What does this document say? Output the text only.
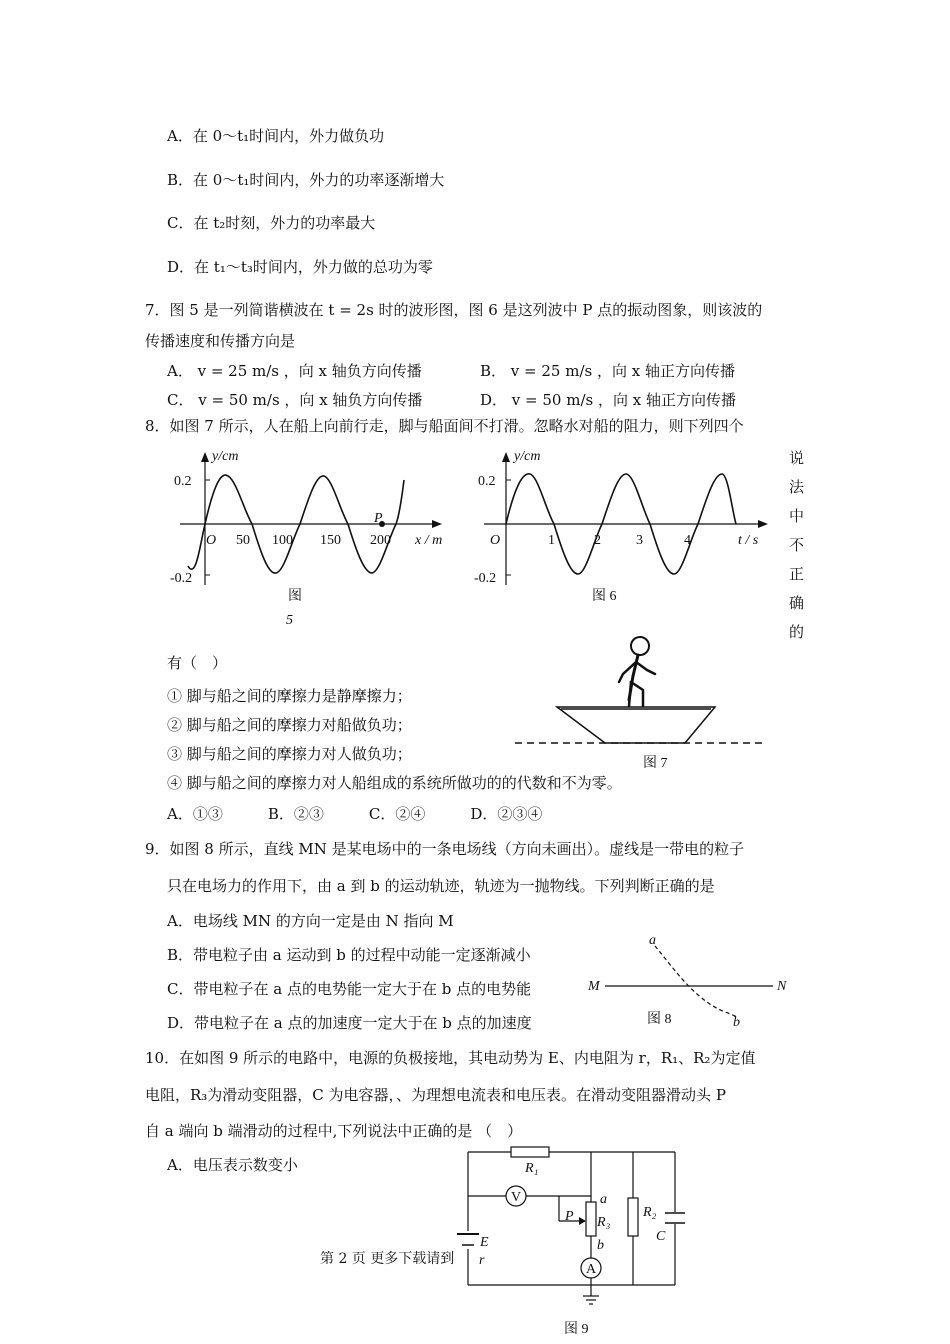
A．在 0～t₁时间内，外力做负功
B．在 0～t₁时间内，外力的功率逐渐增大
C．在 t₂时刻，外力的功率最大
D．在 t₁～t₃时间内，外力做的总功为零
7．图 5 是一列简谐横波在 t = 2s 时的波形图，图 6 是这列波中 P 点的振动图象，则该波的
传播速度和传播方向是
A． v = 25 m/s ，向 x 轴负方向传播	B． v = 25 m/s ，向 x 轴正方向传播
C． v = 50 m/s ，向 x 轴负方向传播	D． v = 50 m/s ，向 x 轴正方向传播
8．如图 7 所示，人在船上向前行走，脚与船面间不打滑。忽略水对船的阻力，则下列四个
说
法
中
不
正
确
的
y/cm
0.2
-0.2
O 50 100 150 200 x / m
P
图
5
y/cm
0.2
-0.2
O	1	2	3	4	t / s
图 6
有（　）
① 脚与船之间的摩擦力是静摩擦力；
② 脚与船之间的摩擦力对船做负功；
③ 脚与船之间的摩擦力对人做负功；
④ 脚与船之间的摩擦力对人船组成的系统所做功的的代数和不为零。
A．①③　　　B．②③　　　C．②④　　　D．②③④
图 7
9．如图 8 所示，直线 MN 是某电场中的一条电场线（方向未画出）。虚线是一带电的粒子
只在电场力的作用下，由 a 到 b 的运动轨迹，轨迹为一抛物线。下列判断正确的是
A．电场线 MN 的方向一定是由 N 指向 M
B．带电粒子由 a 运动到 b 的过程中动能一定逐渐减小
C．带电粒子在 a 点的电势能一定大于在 b 点的电势能
D．带电粒子在 a 点的加速度一定大于在 b 点的加速度
a
b
M	N
图 8
10．在如图 9 所示的电路中，电源的负极接地，其电动势为 E、内电阻为 r，R₁、R₂为定值
电阻，R₃为滑动变阻器，C 为电容器，、为理想电流表和电压表。在滑动变阻器滑动头 P
自 a 端向 b 端滑动的过程中,下列说法中正确的是 （　）
A．电压表示数变小	R₁
V
A
a
b
R₃
P	R₂
C
E
r
图 9
第 2 页 更多下载请到
